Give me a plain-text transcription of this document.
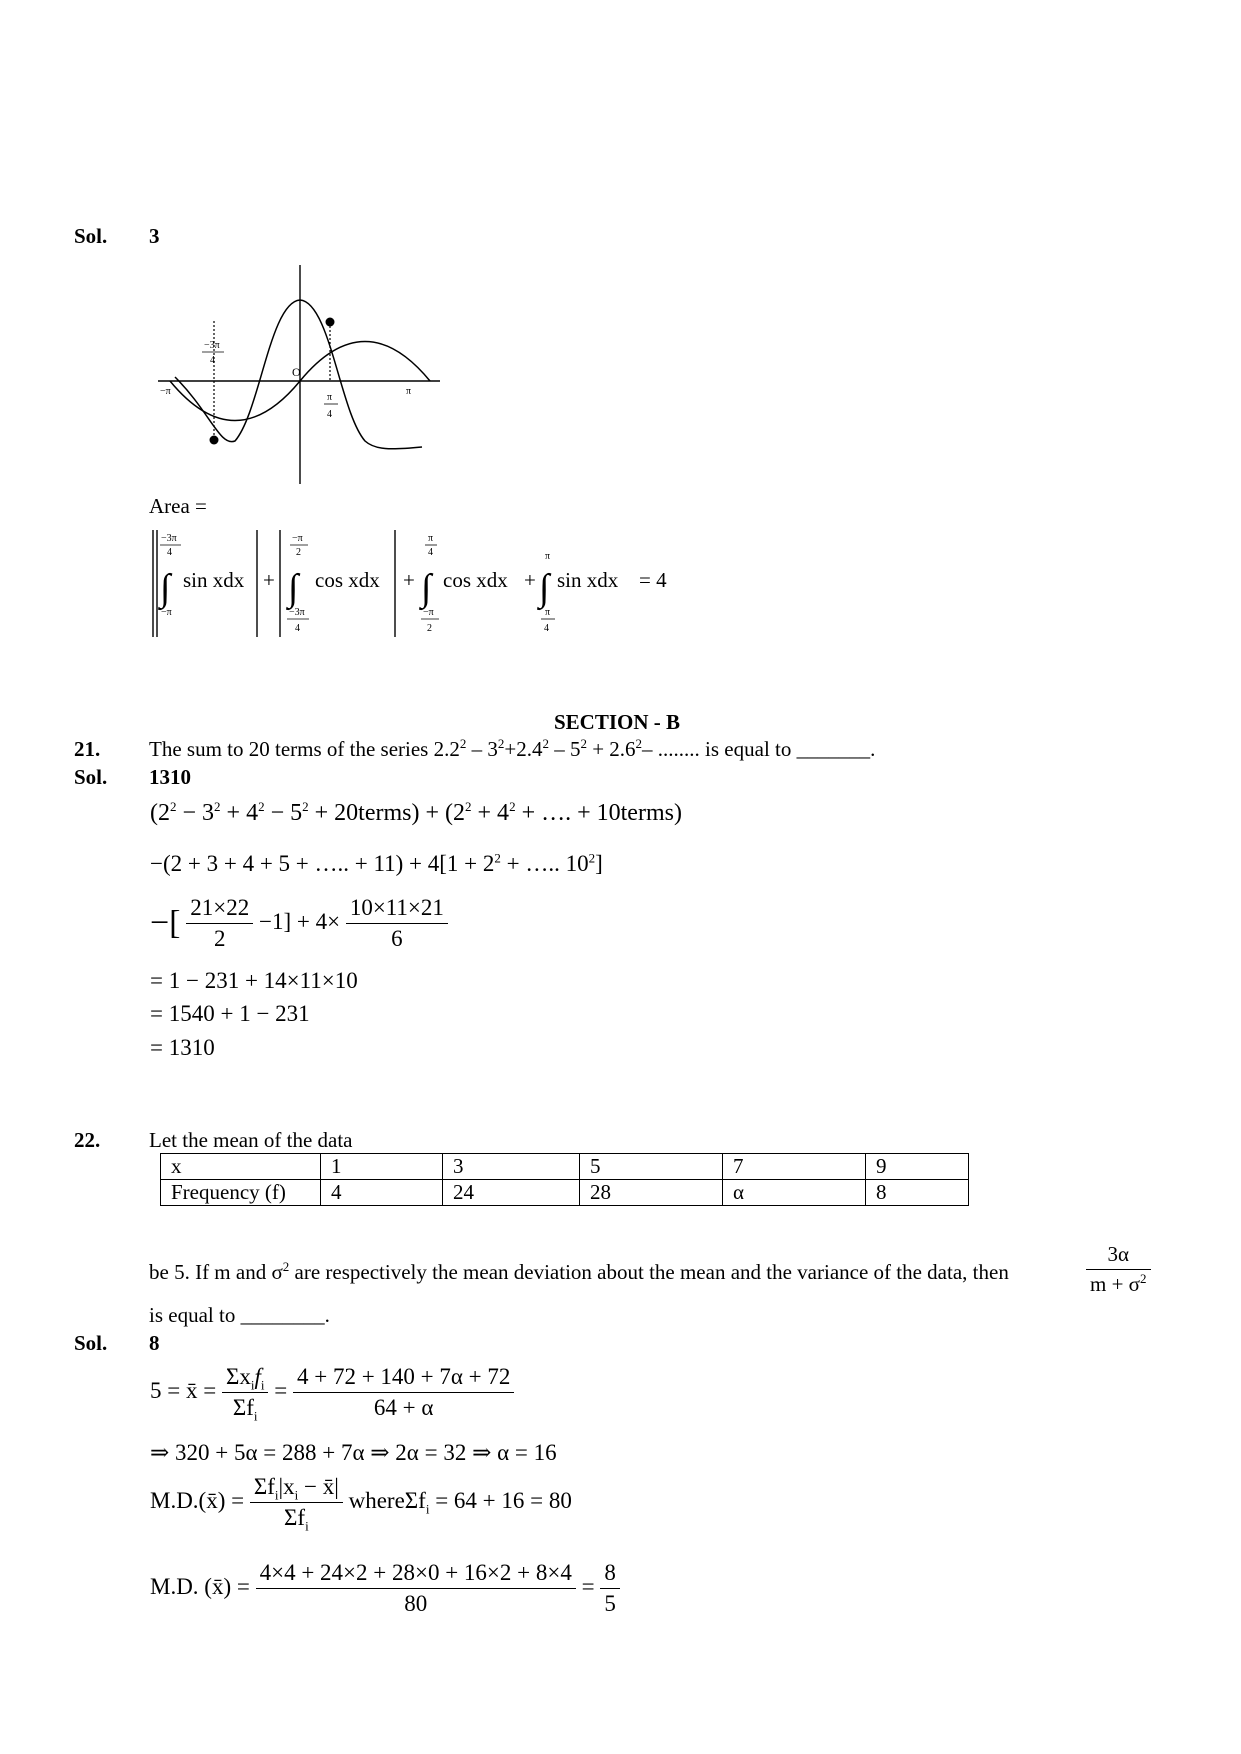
Sol. 3
O
−π	π
−3π
4
π
4
Area =
−3π
4
∫
−π
sin xdx +
−π
2
∫
−3π
4
cos xdx +
π
4
∫
−π
2
cos xdx +
π
∫
π
4
sin xdx = 4
SECTION - B
21. The sum to 20 terms of the series $2.2^2 - 3^2+2.4^2 - 5^2 + 2.6^2-$ ........ is equal to _______.
Sol. 1310
($2^2 - 3^2 + 4^2 - 5^2$ + 20terms) + ($2^2 + 4^2$ + …. + 10terms)
−(2 + 3 + 4 + 5 + ….. + $11) + 4[1 + 2^2$ + ….. $10^2$]
−[ $\frac{21\times 22}{2} -1] + 4\times \frac{10\times 11\times 21}{6}$
= 1 − 231 + 14×11×10
= 1540 + 1 − 231
= 1310
22. Let the mean of the data
x	1	3	5	7	9
Frequency (f)	4	24	28	α	8
be 5. If m and $\sigma^2$ are respectively the mean deviation about the mean and the variance of the data, then	$\frac{3\alpha}{m + \sigma^2}$
is equal to ________.
Sol. 8
5 = x̄ = $\frac{\Sigma x_if_i}{\Sigma f_i} = \frac{4 + 72 + 140 + 7\alpha + 72}{64 + \alpha}$
⇒ 320 + 5α = 288 + 7α ⇒ 2α = 32 ⇒ α = 16
M.D.(x̄) = $\frac{\Sigma f_i|x_i - x̄|}{\Sigma f_i}$ whereΣf$_i$ = 64 + 16 = 80
M.D. (x̄) = $\frac{4\times 4 + 24\times 2 + 28\times 0 + 16\times 2 + 8\times 4}{80} = \frac{8}{5}$
